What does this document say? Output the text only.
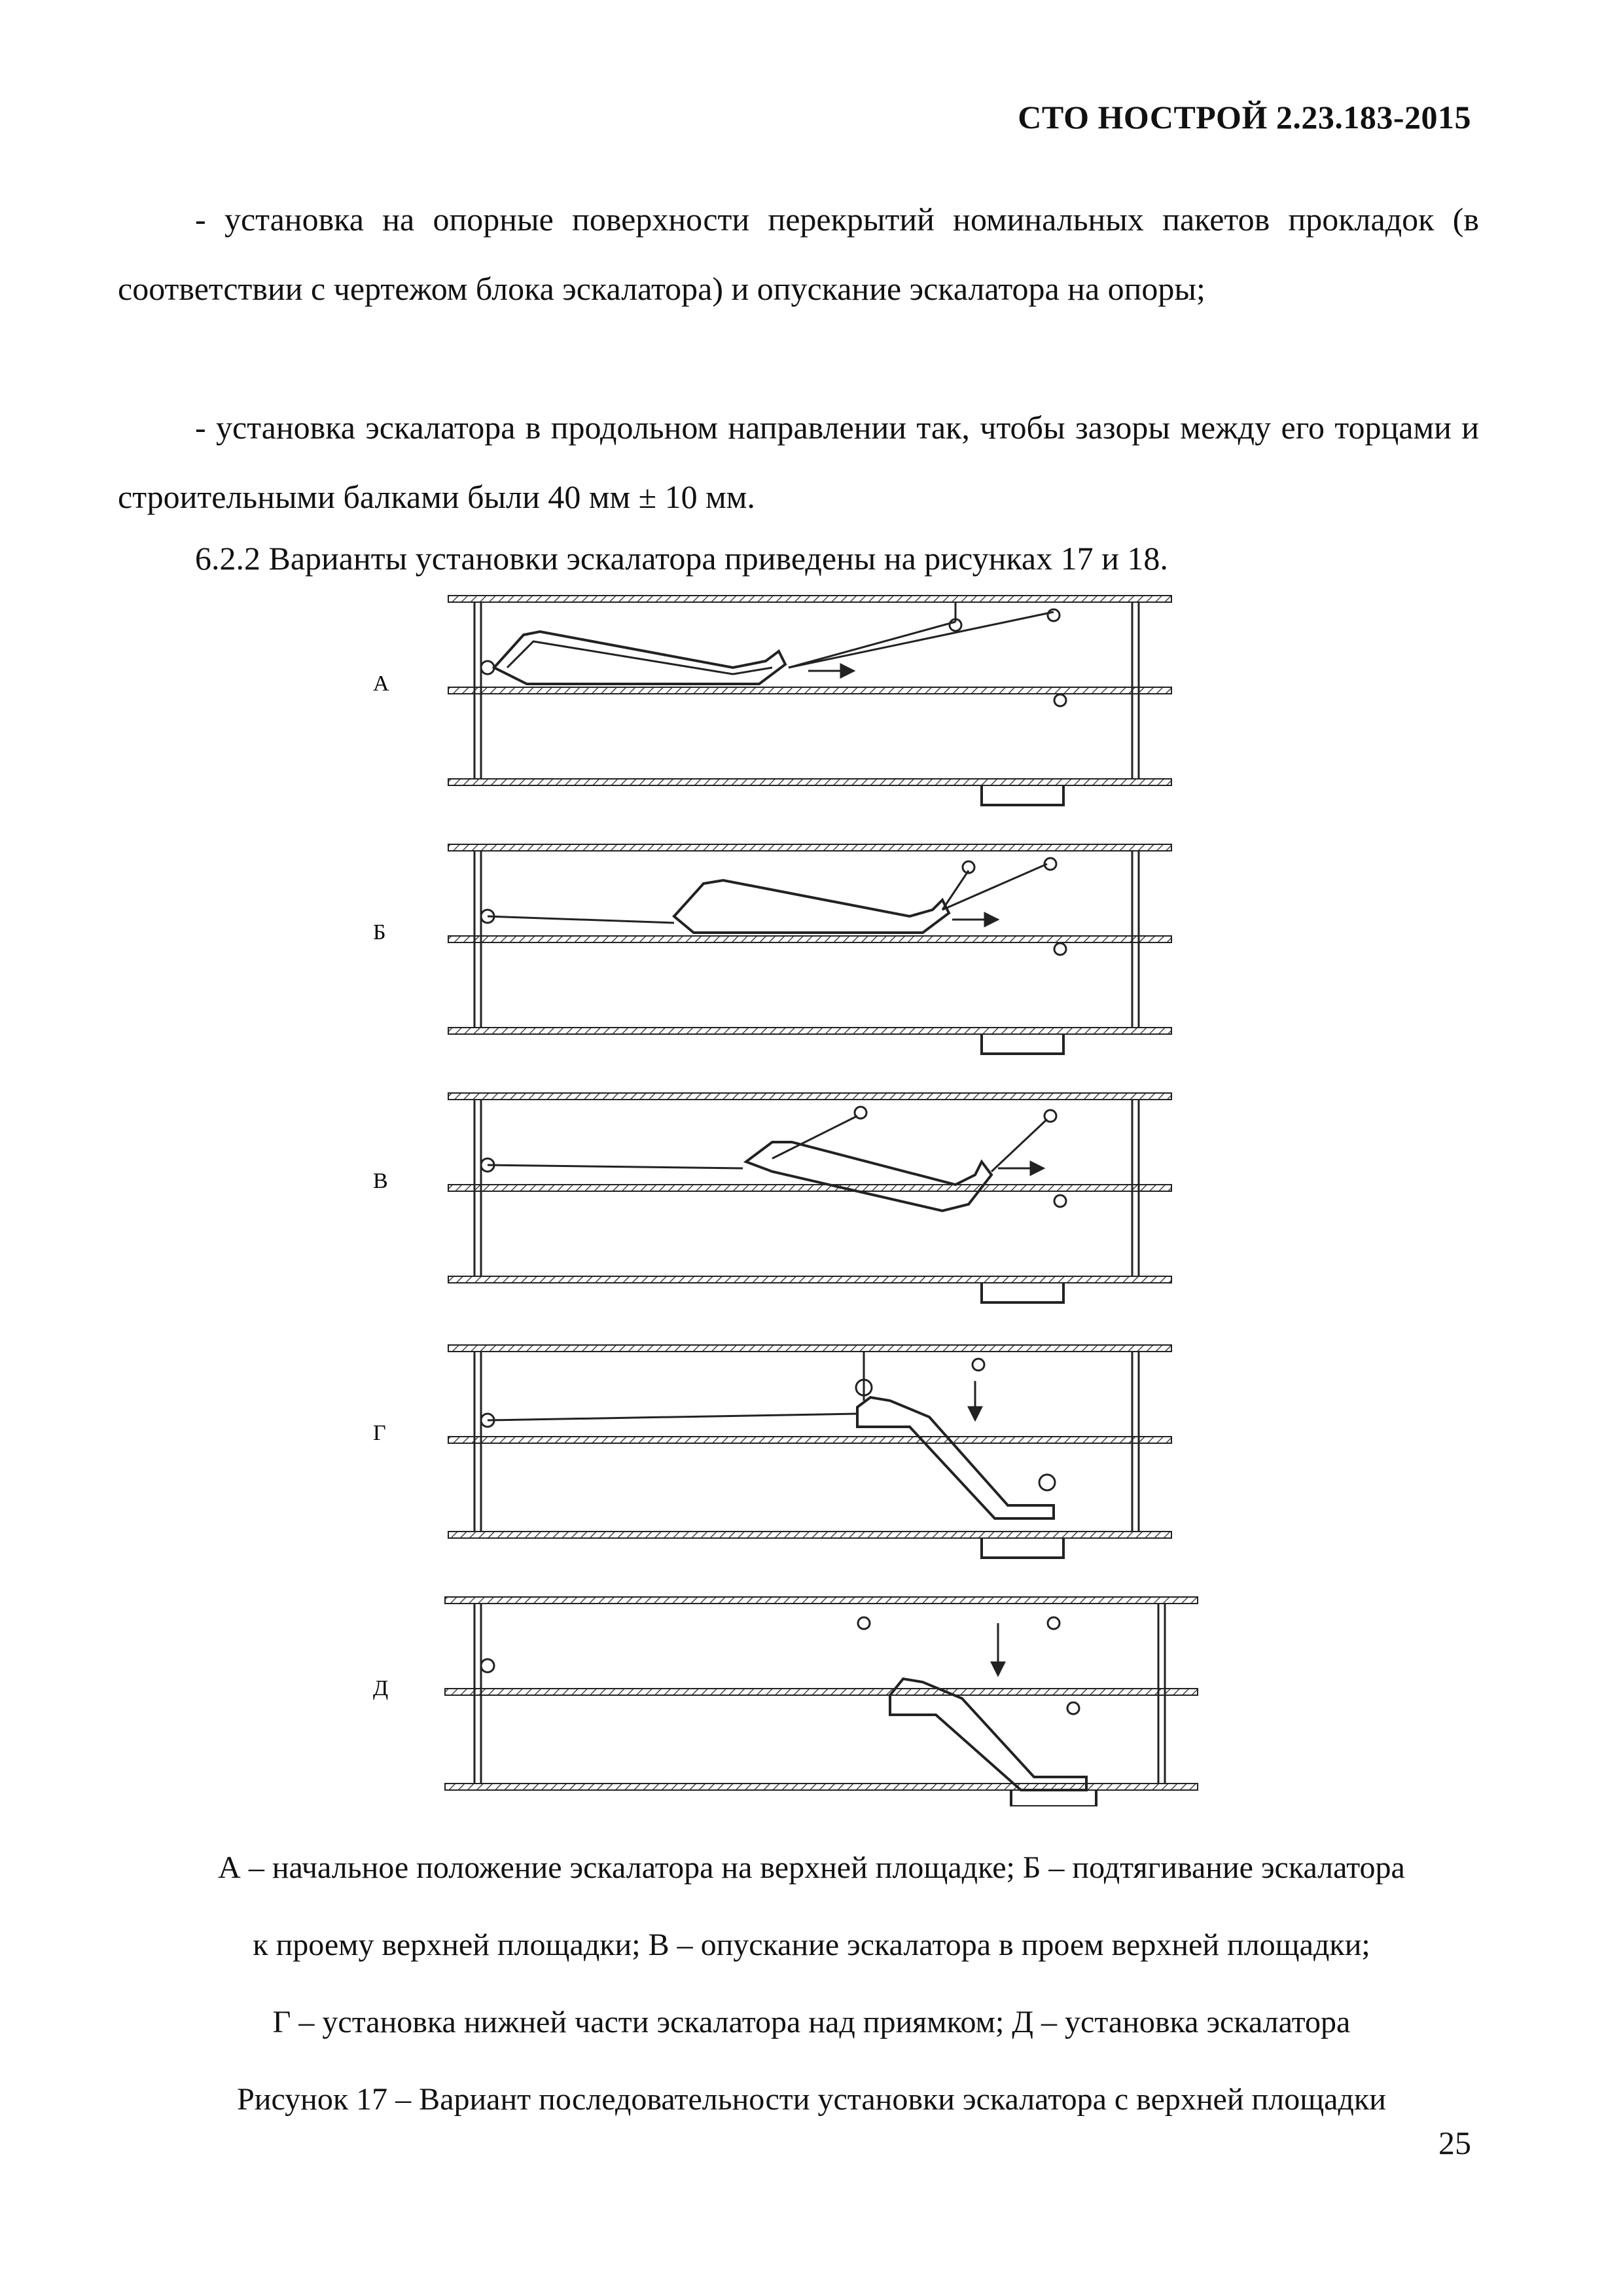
СТО НОСТРОЙ 2.23.183-2015

- установка на опорные поверхности перекрытий номинальных пакетов прокладок (в соответствии с чертежом блока эскалатора) и опускание эскалатора на опоры;

- установка эскалатора в продольном направлении так, чтобы зазоры между его торцами и строительными балками были 40 мм ± 10 мм.

6.2.2 Варианты установки эскалатора приведены на рисунках 17 и 18.

А
Б
В
Г
Д
А – начальное положение эскалатора на верхней площадке; Б – подтягивание эскалатора
к проему верхней площадки; В – опускание эскалатора в проем верхней площадки;
Г – установка нижней части эскалатора над приямком; Д – установка эскалатора
Рисунок 17 – Вариант последовательности установки эскалатора с верхней площадки
25
